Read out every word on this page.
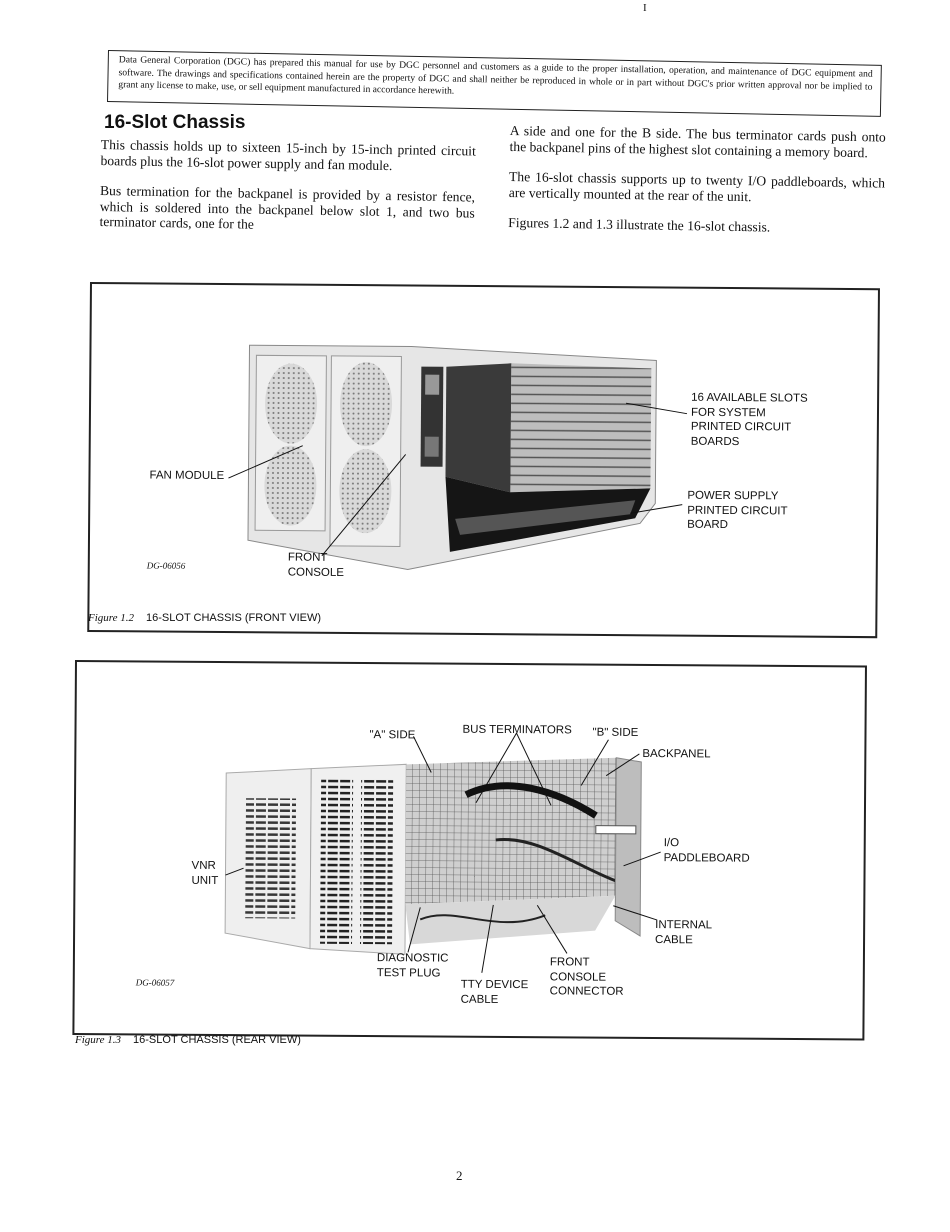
I
Data General Corporation (DGC) has prepared this manual for use by DGC personnel and customers as a guide to the proper installation, operation, and maintenance of DGC equipment and software. The drawings and specifications contained herein are the property of DGC and shall neither be reproduced in whole or in part without DGC's prior written approval nor be implied to grant any license to make, use, or sell equipment manufactured in accordance herewith.
16-Slot Chassis

This chassis holds up to sixteen 15-inch by 15-inch printed circuit boards plus the 16-slot power supply and fan module.

Bus termination for the backpanel is provided by a resistor fence, which is soldered into the backpanel below slot 1, and two bus terminator cards, one for the

A side and one for the B side. The bus terminator cards push onto the backpanel pins of the highest slot containing a memory board.

The 16-slot chassis supports up to twenty I/O paddleboards, which are vertically mounted at the rear of the unit.

Figures 1.2 and 1.3 illustrate the 16-slot chassis.

16 AVAILABLE SLOTS
FOR SYSTEM
PRINTED CIRCUIT
BOARDS
POWER SUPPLY
PRINTED CIRCUIT
BOARD
FAN MODULE
FRONT
CONSOLE
DG-06056
Figure 1.2 16-SLOT CHASSIS (FRONT VIEW)
"A" SIDE	BUS TERMINATORS "B" SIDE
BACKPANEL
I/O
PADDLEBOARD
VNR
UNIT
INTERNAL
CABLE
DIAGNOSTIC
TEST PLUG
FRONT
CONSOLE
CONNECTOR
TTY DEVICE
CABLE
DG-06057
Figure 1.3 16-SLOT CHASSIS (REAR VIEW)
2
